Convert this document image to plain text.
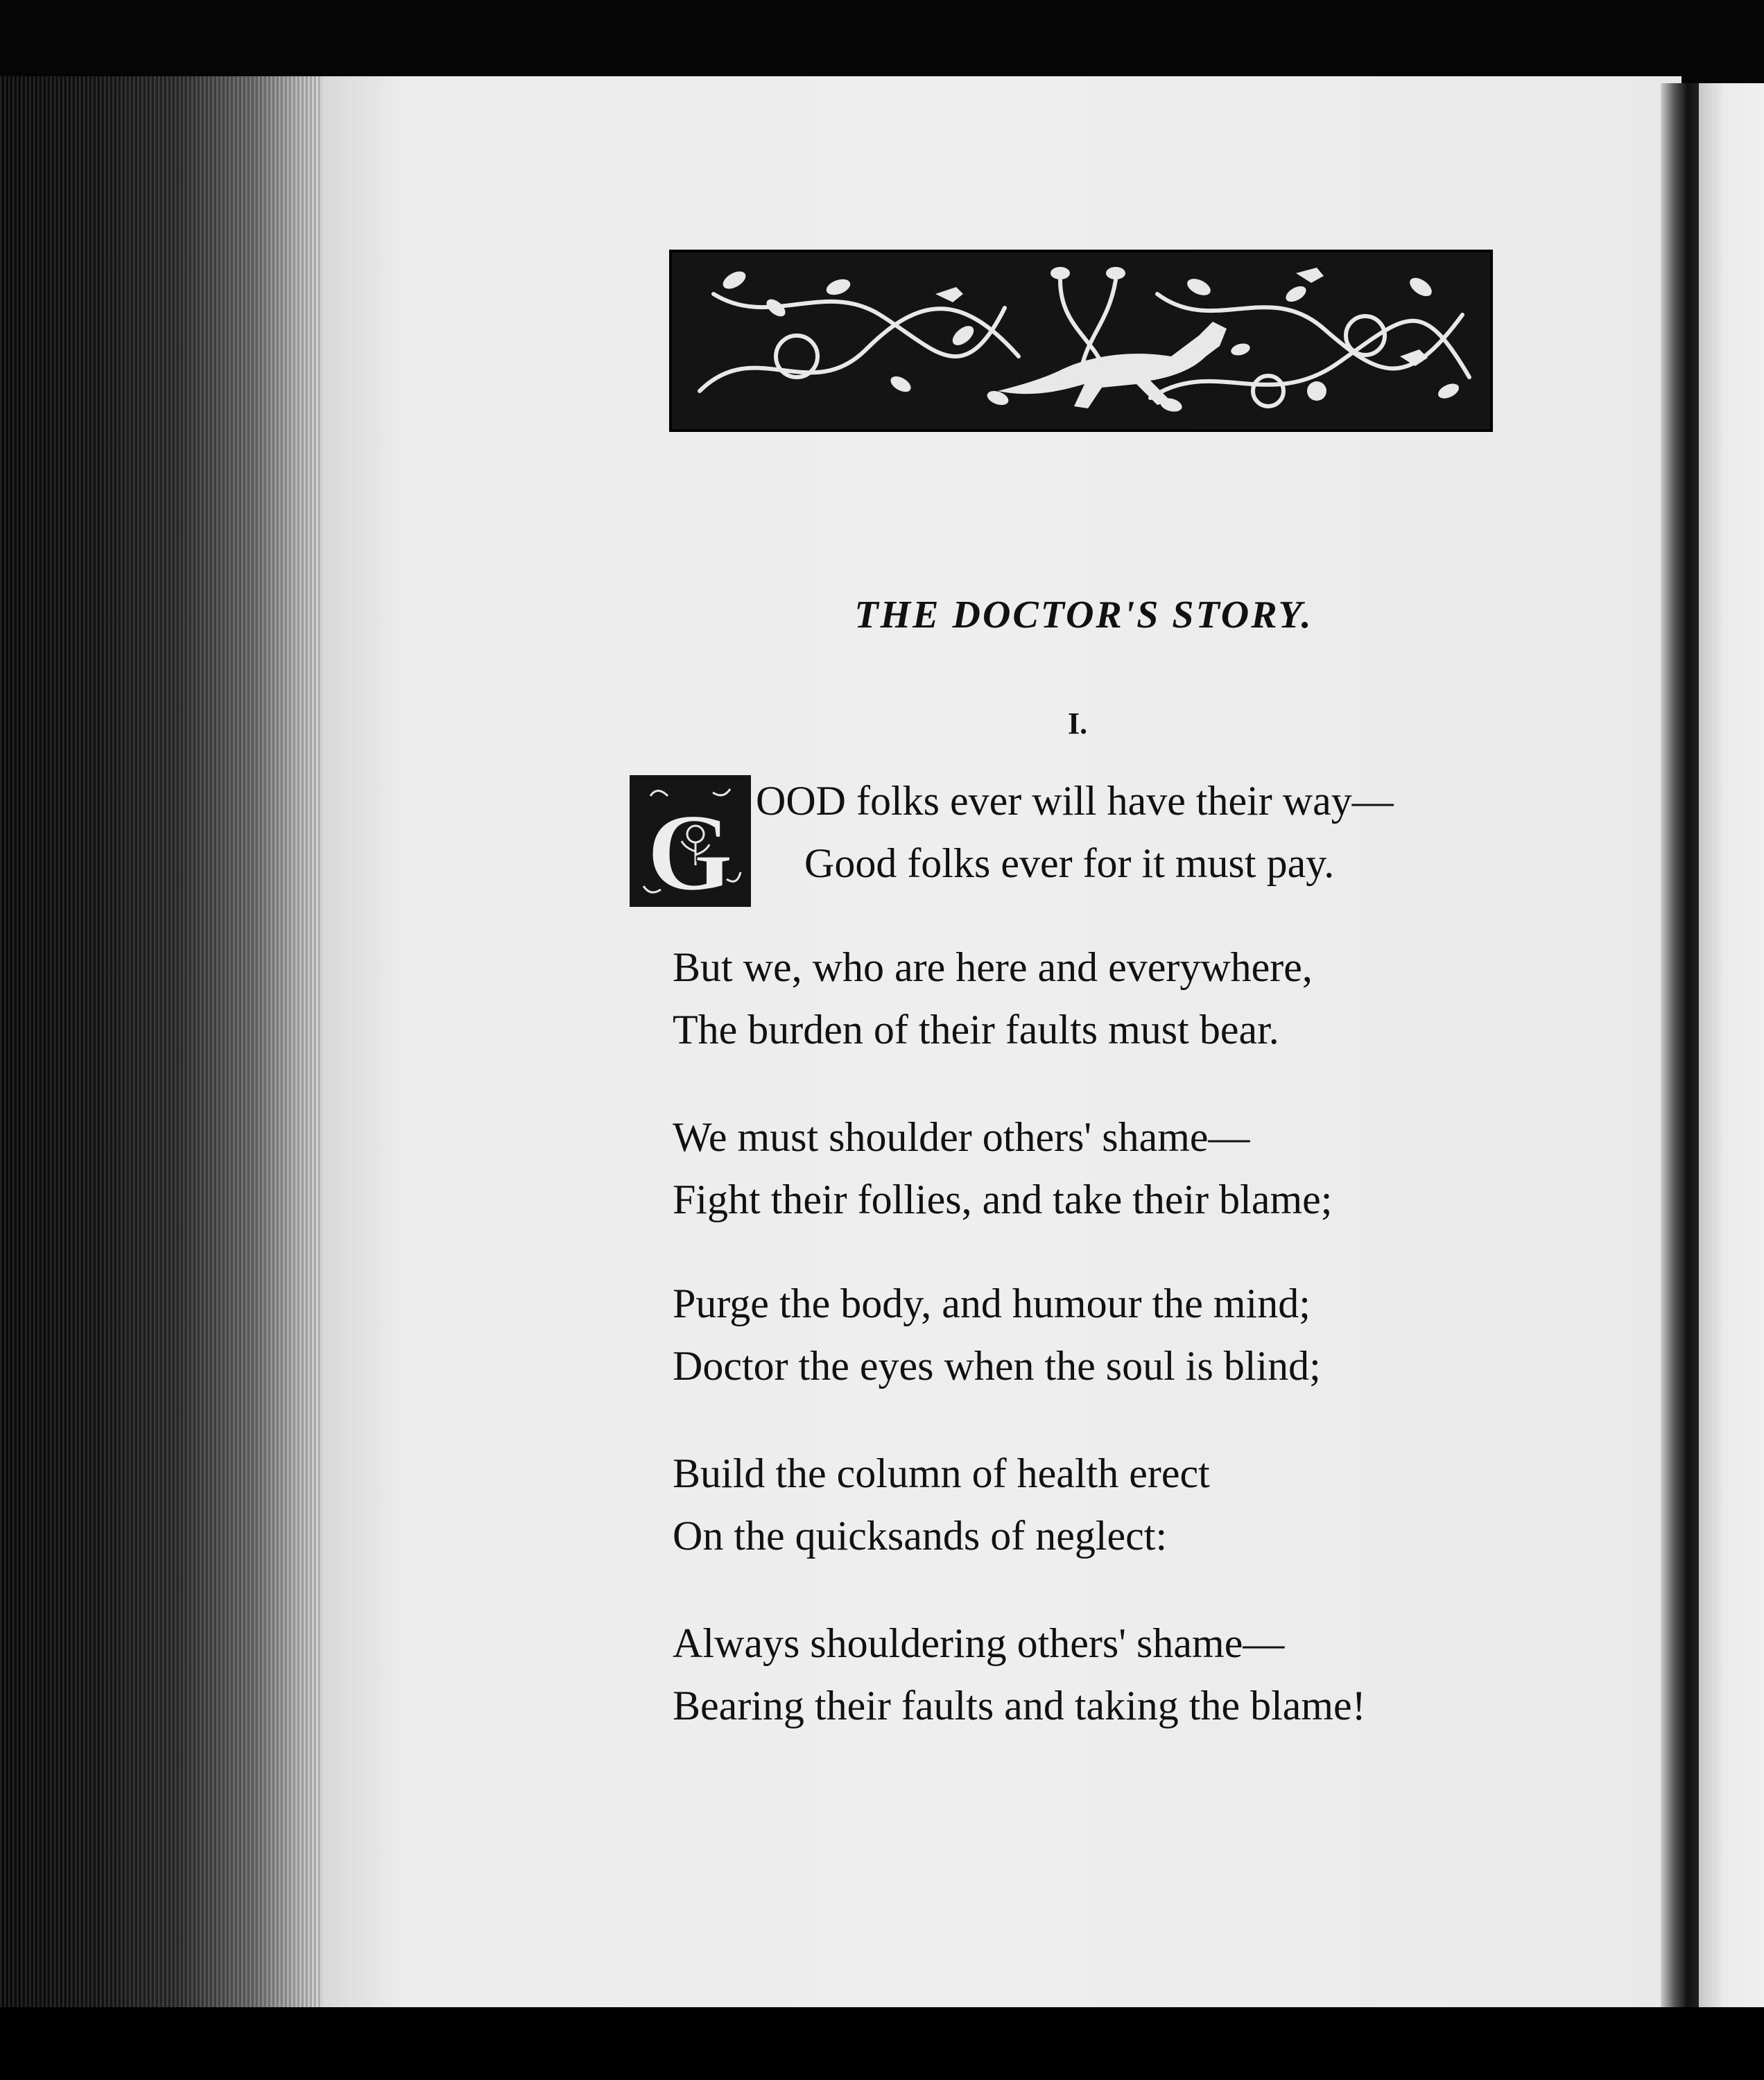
THE DOCTOR'S STORY.
I.
G OOD folks ever will have their way—
Good folks ever for it must pay.
But we, who are here and everywhere,
The burden of their faults must bear.
We must shoulder others' shame—
Fight their follies, and take their blame;
Purge the body, and humour the mind;
Doctor the eyes when the soul is blind;
Build the column of health erect
On the quicksands of neglect:
Always shouldering others' shame—
Bearing their faults and taking the blame!
